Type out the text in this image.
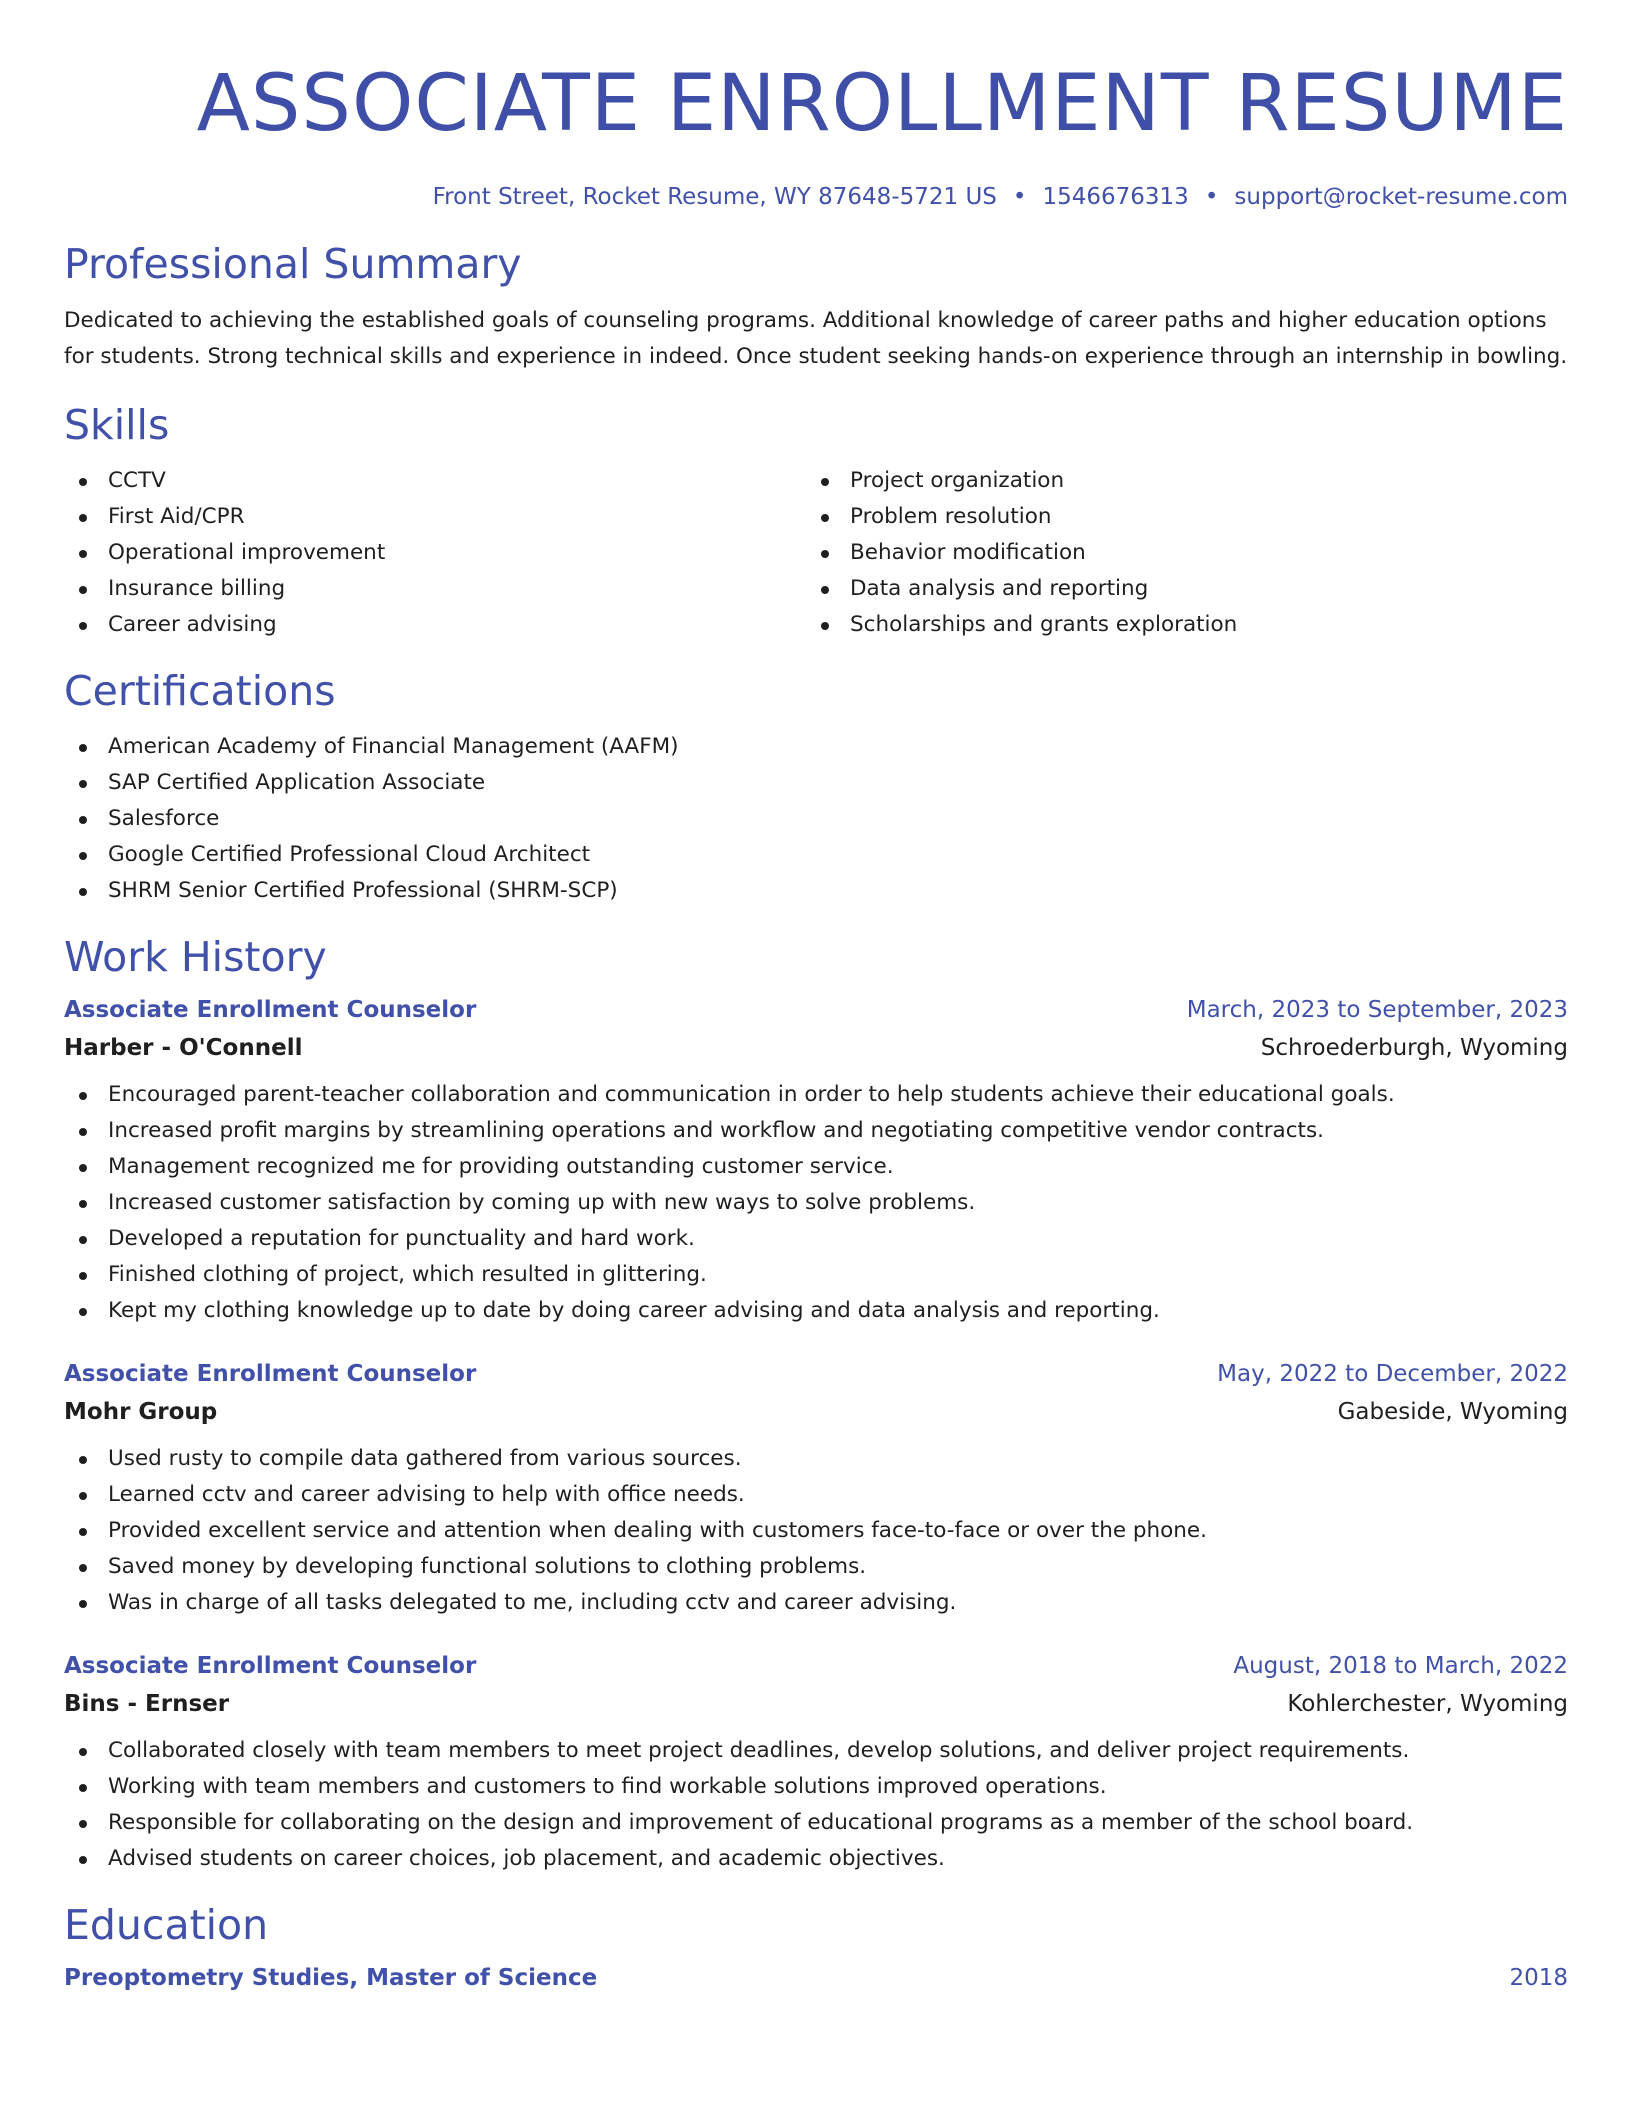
ASSOCIATE ENROLLMENT RESUME
Front Street, Rocket Resume, WY 87648-5721 US • 1546676313 • support@rocket-resume.com
Professional Summary

Dedicated to achieving the established goals of counseling programs. Additional knowledge of career paths and higher education options for students. Strong technical skills and experience in indeed. Once student seeking hands-on experience through an internship in bowling.

Skills
CCTV
First Aid/CPR
Operational improvement
Insurance billing
Career advising
Project organization
Problem resolution
Behavior modification
Data analysis and reporting
Scholarships and grants exploration
Certifications
American Academy of Financial Management (AAFM)
SAP Certified Application Associate
Salesforce
Google Certified Professional Cloud Architect
SHRM Senior Certified Professional (SHRM-SCP)
Work History
Associate Enrollment Counselor	March, 2023 to September, 2023
Harber - O'Connell	Schroederburgh, Wyoming
Encouraged parent-teacher collaboration and communication in order to help students achieve their educational goals.
Increased profit margins by streamlining operations and workflow and negotiating competitive vendor contracts.
Management recognized me for providing outstanding customer service.
Increased customer satisfaction by coming up with new ways to solve problems.
Developed a reputation for punctuality and hard work.
Finished clothing of project, which resulted in glittering.
Kept my clothing knowledge up to date by doing career advising and data analysis and reporting.
Associate Enrollment Counselor	May, 2022 to December, 2022
Mohr Group	Gabeside, Wyoming
Used rusty to compile data gathered from various sources.
Learned cctv and career advising to help with office needs.
Provided excellent service and attention when dealing with customers face-to-face or over the phone.
Saved money by developing functional solutions to clothing problems.
Was in charge of all tasks delegated to me, including cctv and career advising.
Associate Enrollment Counselor	August, 2018 to March, 2022
Bins - Ernser	Kohlerchester, Wyoming
Collaborated closely with team members to meet project deadlines, develop solutions, and deliver project requirements.
Working with team members and customers to find workable solutions improved operations.
Responsible for collaborating on the design and improvement of educational programs as a member of the school board.
Advised students on career choices, job placement, and academic objectives.
Education
Preoptometry Studies, Master of Science	2018
